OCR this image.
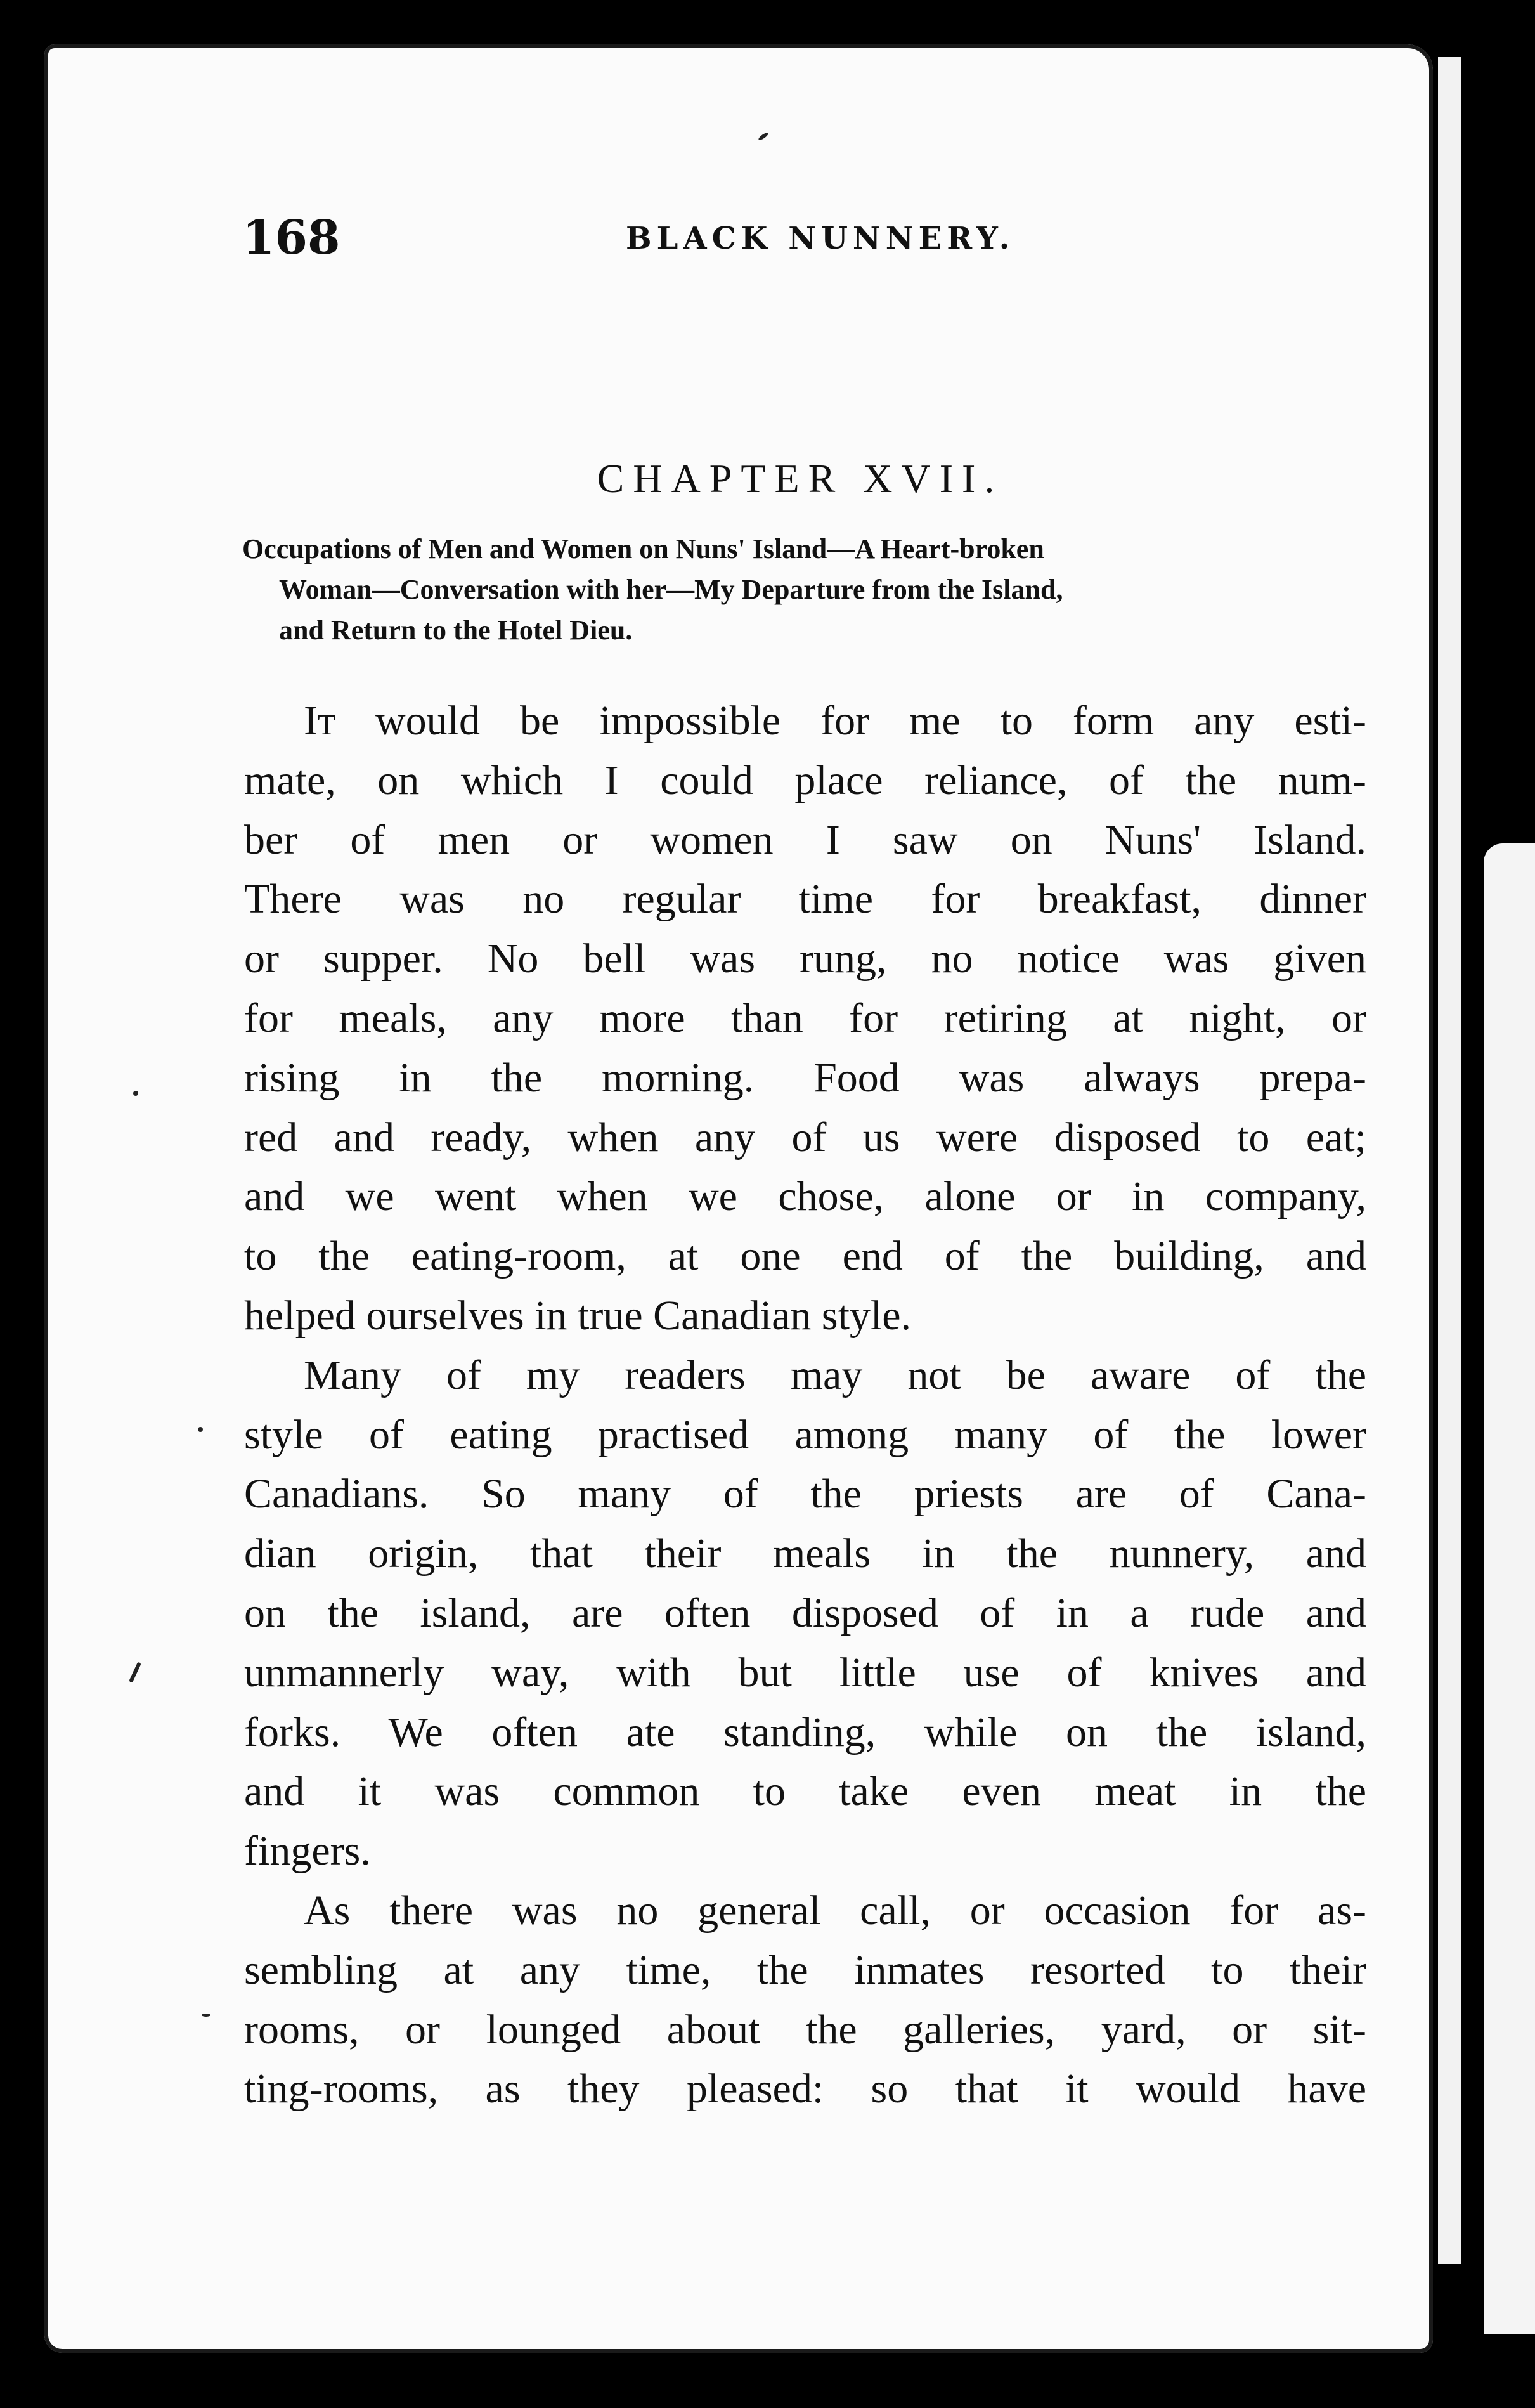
168	BLACK NUNNERY.
CHAPTER XVII.
Occupations of Men and Women on Nuns' Island—A Heart-broken
Woman—Conversation with her—My Departure from the Island,
and Return to the Hotel Dieu.
It would be impossible for me to form any esti-
mate, on which I could place reliance, of the num-
ber of men or women I saw on Nuns' Island.
There was no regular time for breakfast, dinner
or supper. No bell was rung, no notice was given
for meals, any more than for retiring at night, or
rising in the morning. Food was always prepa-
red and ready, when any of us were disposed to eat;
and we went when we chose, alone or in company,
to the eating-room, at one end of the building, and
helped ourselves in true Canadian style.
Many of my readers may not be aware of the
style of eating practised among many of the lower
Canadians. So many of the priests are of Cana-
dian origin, that their meals in the nunnery, and
on the island, are often disposed of in a rude and
unmannerly way, with but little use of knives and
forks. We often ate standing, while on the island,
and it was common to take even meat in the
fingers.
As there was no general call, or occasion for as-
sembling at any time, the inmates resorted to their
rooms, or lounged about the galleries, yard, or sit-
ting-rooms, as they pleased: so that it would have
